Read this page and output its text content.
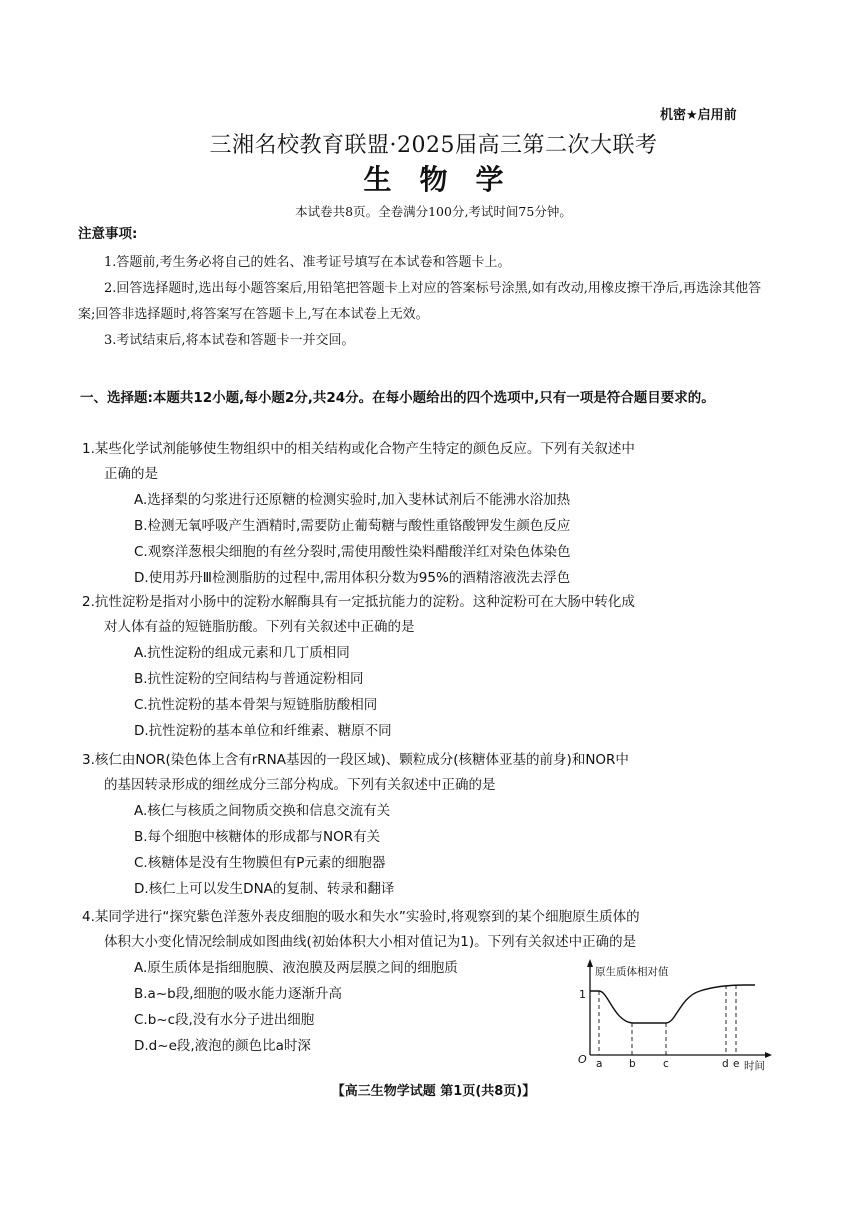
机密★启用前
三湘名校教育联盟·2025届高三第二次大联考
生物学
本试卷共8页。全卷满分100分,考试时间75分钟。
注意事项:

1.答题前,考生务必将自己的姓名、准考证号填写在本试卷和答题卡上。

2.回答选择题时,选出每小题答案后,用铅笔把答题卡上对应的答案标号涂黑,如有改动,用橡皮擦干净后,再选涂其他答案;回答非选择题时,将答案写在答题卡上,写在本试卷上无效。

3.考试结束后,将本试卷和答题卡一并交回。

一、选择题:本题共12小题,每小题2分,共24分。在每小题给出的四个选项中,只有一项是符合题目要求的。

1.某些化学试剂能够使生物组织中的相关结构或化合物产生特定的颜色反应。下列有关叙述中
正确的是

A.选择梨的匀浆进行还原糖的检测实验时,加入斐林试剂后不能沸水浴加热

B.检测无氧呼吸产生酒精时,需要防止葡萄糖与酸性重铬酸钾发生颜色反应

C.观察洋葱根尖细胞的有丝分裂时,需使用酸性染料醋酸洋红对染色体染色

D.使用苏丹Ⅲ检测脂肪的过程中,需用体积分数为95%的酒精溶液洗去浮色

2.抗性淀粉是指对小肠中的淀粉水解酶具有一定抵抗能力的淀粉。这种淀粉可在大肠中转化成
对人体有益的短链脂肪酸。下列有关叙述中正确的是

A.抗性淀粉的组成元素和几丁质相同

B.抗性淀粉的空间结构与普通淀粉相同

C.抗性淀粉的基本骨架与短链脂肪酸相同

D.抗性淀粉的基本单位和纤维素、糖原不同

3.核仁由NOR(染色体上含有rRNA基因的一段区域)、颗粒成分(核糖体亚基的前身)和NOR中
的基因转录形成的细丝成分三部分构成。下列有关叙述中正确的是

A.核仁与核质之间物质交换和信息交流有关

B.每个细胞中核糖体的形成都与NOR有关

C.核糖体是没有生物膜但有P元素的细胞器

D.核仁上可以发生DNA的复制、转录和翻译

4.某同学进行“探究紫色洋葱外表皮细胞的吸水和失水”实验时,将观察到的某个细胞原生质体的
体积大小变化情况绘制成如图曲线(初始体积大小相对值记为1)。下列有关叙述中正确的是

A.原生质体是指细胞膜、液泡膜及两层膜之间的细胞质

B.a~b段,细胞的吸水能力逐渐升高

C.b~c段,没有水分子进出细胞

D.d~e段,液泡的颜色比a时深

原生质体相对值
时间
O
1
a	b	c	d e
【高三生物学试题 第1页(共8页)】
